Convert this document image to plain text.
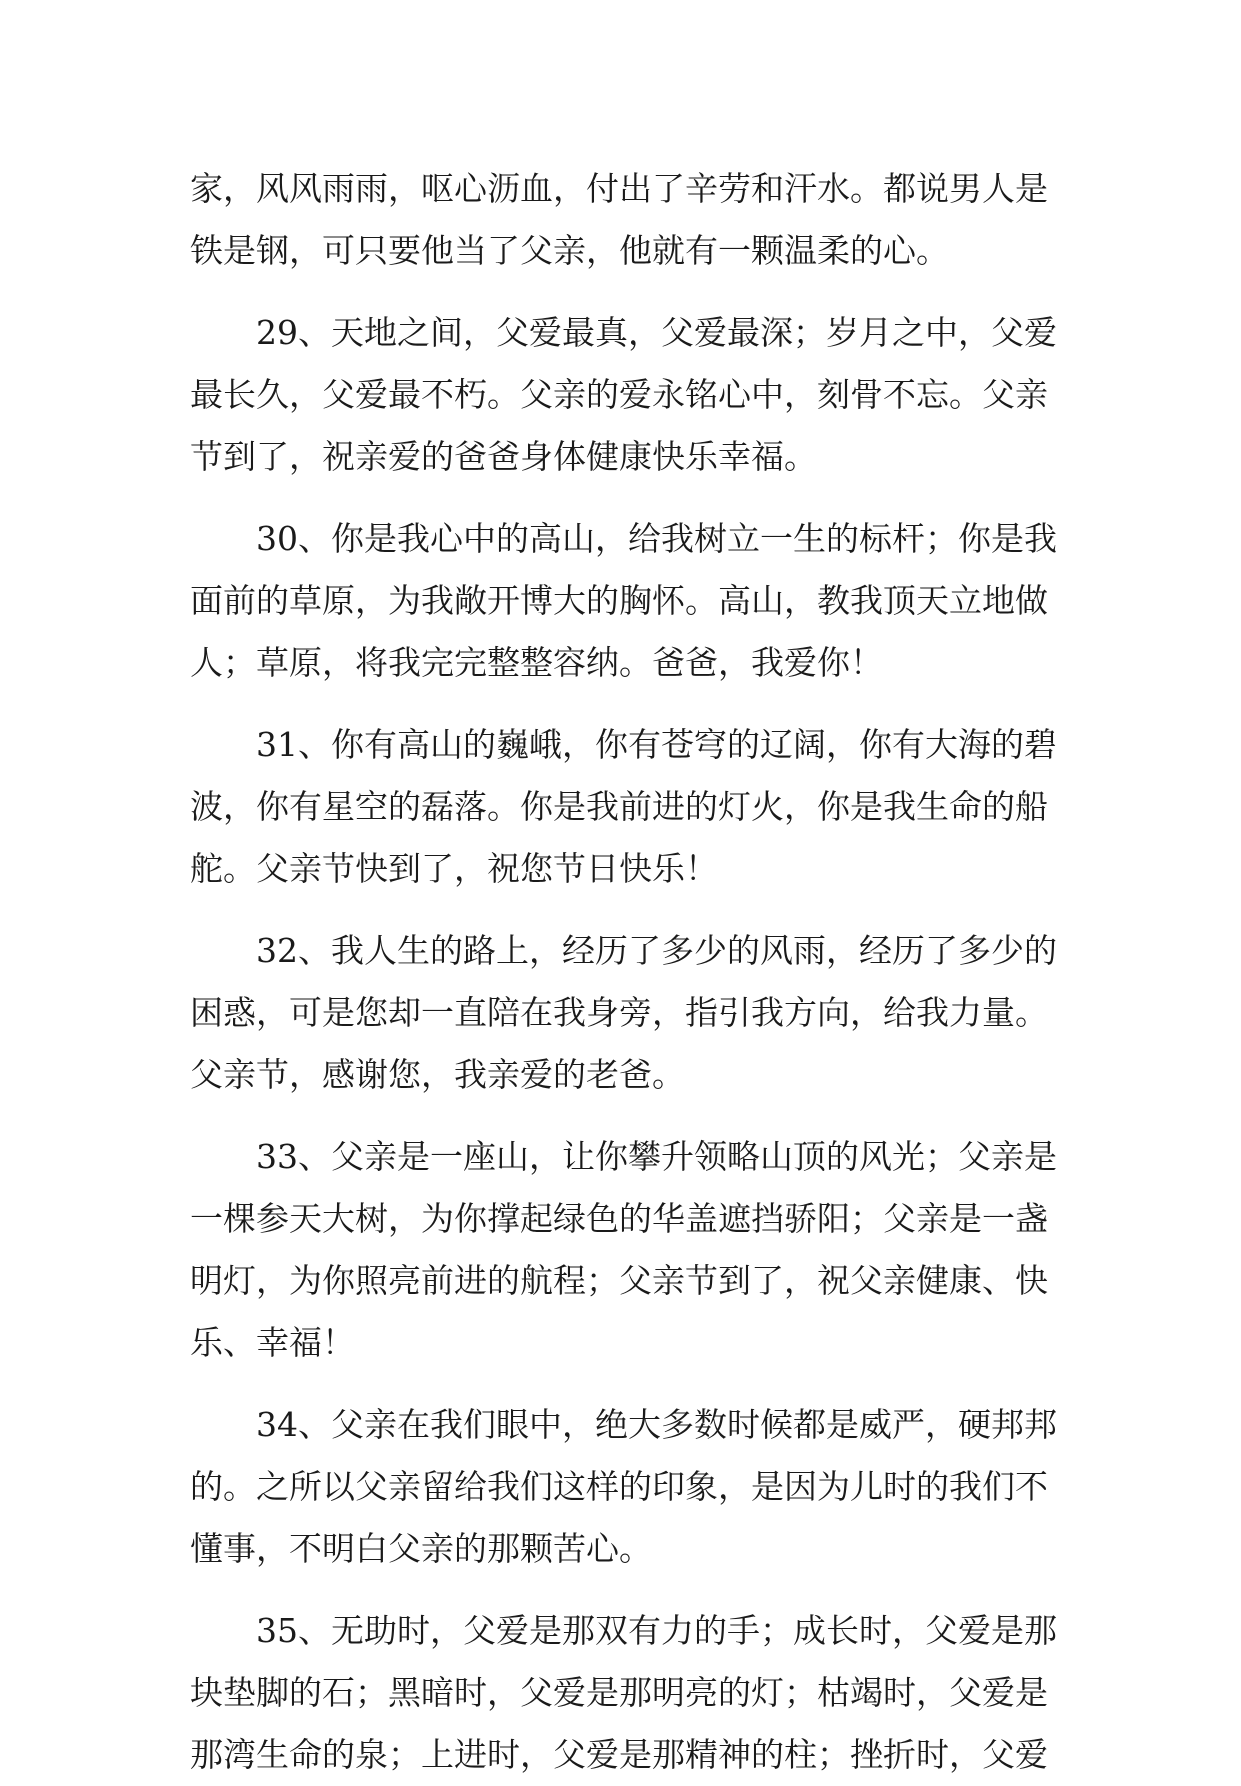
家，风风雨雨，呕心沥血，付出了辛劳和汗水。都说男人是
铁是钢，可只要他当了父亲，他就有一颗温柔的心。
29、天地之间，父爱最真，父爱最深；岁月之中，父爱
最长久，父爱最不朽。父亲的爱永铭心中，刻骨不忘。父亲
节到了，祝亲爱的爸爸身体健康快乐幸福。
30、你是我心中的高山，给我树立一生的标杆；你是我
面前的草原，为我敞开博大的胸怀。高山，教我顶天立地做
人；草原，将我完完整整容纳。爸爸，我爱你！
31、你有高山的巍峨，你有苍穹的辽阔，你有大海的碧
波，你有星空的磊落。你是我前进的灯火，你是我生命的船
舵。父亲节快到了，祝您节日快乐！
32、我人生的路上，经历了多少的风雨，经历了多少的
困惑，可是您却一直陪在我身旁，指引我方向，给我力量。
父亲节，感谢您，我亲爱的老爸。
33、父亲是一座山，让你攀升领略山顶的风光；父亲是
一棵参天大树，为你撑起绿色的华盖遮挡骄阳；父亲是一盏
明灯，为你照亮前进的航程；父亲节到了，祝父亲健康、快
乐、幸福！
34、父亲在我们眼中，绝大多数时候都是威严，硬邦邦
的。之所以父亲留给我们这样的印象，是因为儿时的我们不
懂事，不明白父亲的那颗苦心。
35、无助时，父爱是那双有力的手；成长时，父爱是那
块垫脚的石；黑暗时，父爱是那明亮的灯；枯竭时，父爱是
那湾生命的泉；上进时，父爱是那精神的柱；挫折时，父爱
